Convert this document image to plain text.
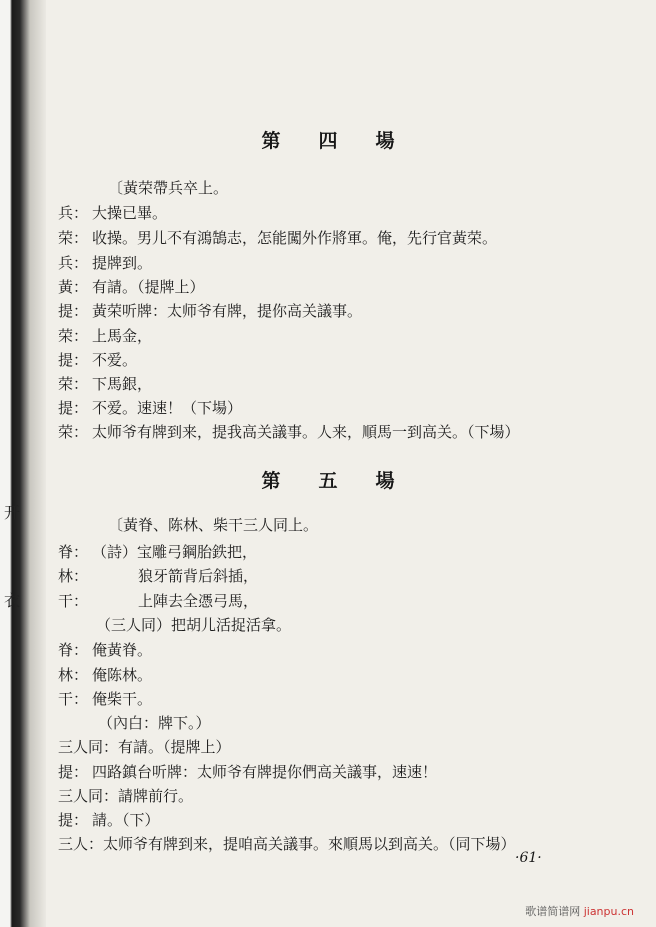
开
衣
第四場
〔黃荣帶兵卒上。
兵： 大操已畢。
荣： 收操。男儿不有鴻鵠志，怎能闖外作將軍。俺，先行官黃荣。
兵： 提牌到。
黃： 有請。（提牌上）
提： 黃荣听牌：太师爷有牌，提你高关議事。
荣： 上馬金，
提： 不爱。
荣： 下馬銀，
提： 不爱。速速！（下場）
荣： 太师爷有牌到来，提我高关議事。人来，順馬一到高关。（下場）
第五場
〔黃脊、陈林、柴干三人同上。
脊： （詩）宝雕弓鋼胎鉄把，
林：	狼牙箭背后斜插，
干：	上陣去全憑弓馬，
（三人同）把胡儿活捉活拿。
脊： 俺黃脊。
林： 俺陈林。
干： 俺柴干。
（內白：牌下。）
三人同：有請。（提牌上）
提： 四路鎮台听牌：太师爷有牌提你們高关議事，速速！
三人同：請牌前行。
提： 請。（下）
三人：太师爷有牌到来，提咱高关議事。來順馬以到高关。（同下場）
·61·
歌谱简谱网 jianpu.cn
